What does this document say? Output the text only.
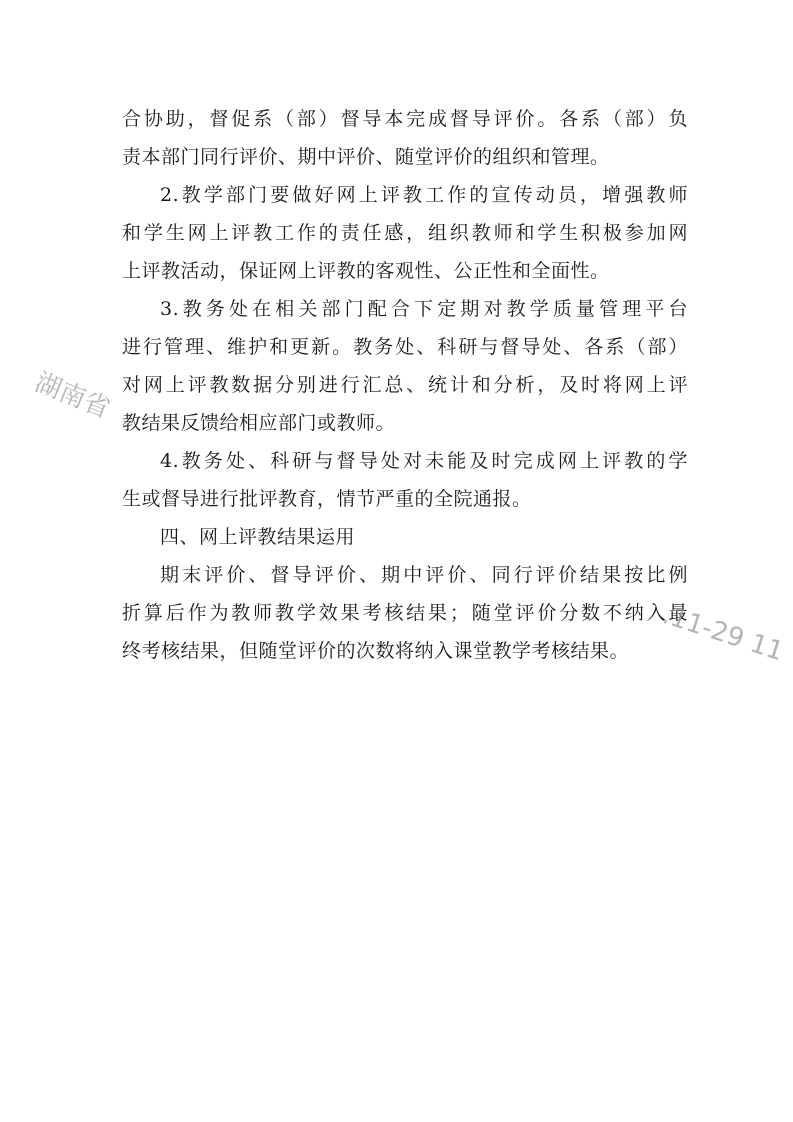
合协助，督促系（部）督导本完成督导评价。各系（部）负
责本部门同行评价、期中评价、随堂评价的组织和管理。
2.教学部门要做好网上评教工作的宣传动员，增强教师
和学生网上评教工作的责任感，组织教师和学生积极参加网
上评教活动，保证网上评教的客观性、公正性和全面性。
3.教务处在相关部门配合下定期对教学质量管理平台
进行管理、维护和更新。教务处、科研与督导处、各系（部）
对网上评教数据分别进行汇总、统计和分析，及时将网上评
教结果反馈给相应部门或教师。
4.教务处、科研与督导处对未能及时完成网上评教的学
生或督导进行批评教育，情节严重的全院通报。
四、网上评教结果运用
期末评价、督导评价、期中评价、同行评价结果按比例
折算后作为教师教学效果考核结果；随堂评价分数不纳入最
终考核结果，但随堂评价的次数将纳入课堂教学考核结果。
湖南省
.11-29 11
